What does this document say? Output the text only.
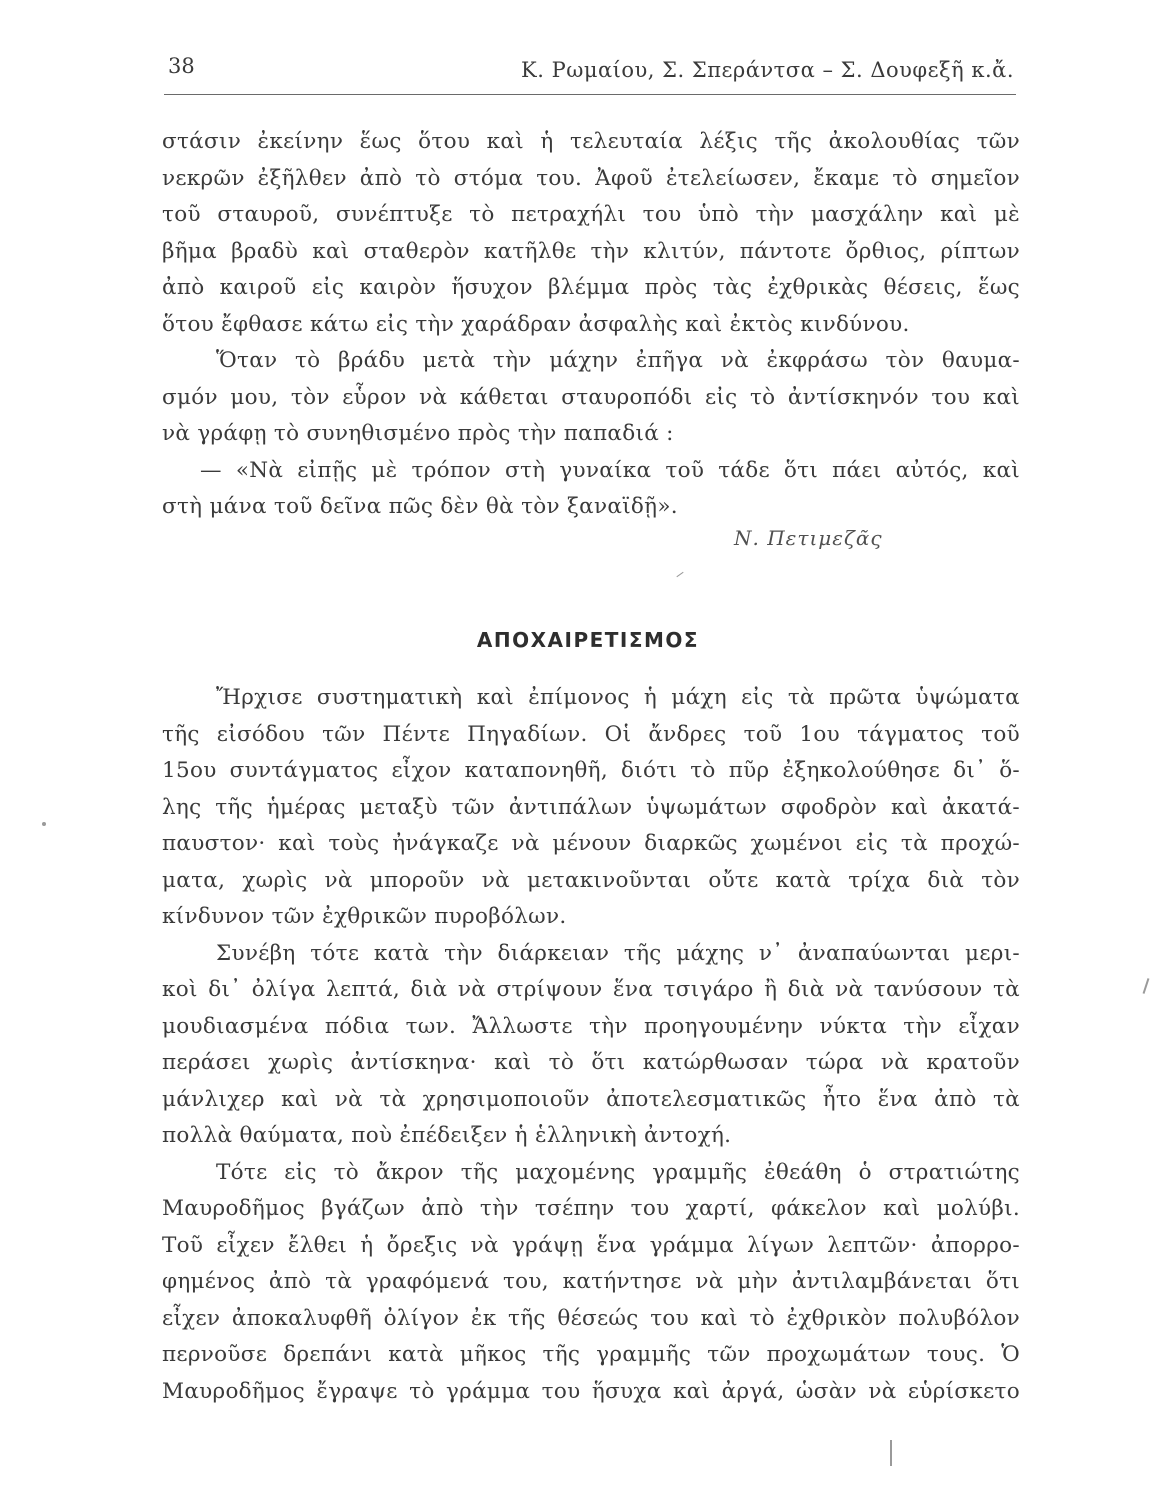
38	Κ. Ρωμαίου, Σ. Σπεράντσα – Σ. Δουφεξῆ κ.ἄ.
στάσιν ἐκείνην ἕως ὅτου καὶ ἡ τελευταία λέξις τῆς ἀκολουθίας τῶν
νεκρῶν ἐξῆλθεν ἀπὸ τὸ στόμα του. Ἀφοῦ ἐτελείωσεν, ἔκαμε τὸ σημεῖον
τοῦ σταυροῦ, συνέπτυξε τὸ πετραχήλι του ὑπὸ τὴν μασχάλην καὶ μὲ
βῆμα βραδὺ καὶ σταθερὸν κατῆλθε τὴν κλιτύν, πάντοτε ὄρθιος, ρίπτων
ἀπὸ καιροῦ εἰς καιρὸν ἥσυχον βλέμμα πρὸς τὰς ἐχθρικὰς θέσεις, ἕως
ὅτου ἔφθασε κάτω εἰς τὴν χαράδραν ἀσφαλὴς καὶ ἐκτὸς κινδύνου.
Ὅταν τὸ βράδυ μετὰ τὴν μάχην ἐπῆγα νὰ ἐκφράσω τὸν θαυμα-
σμόν μου, τὸν εὗρον νὰ κάθεται σταυροπόδι εἰς τὸ ἀντίσκηνόν του καὶ
νὰ γράφῃ τὸ συνηθισμένο πρὸς τὴν παπαδιά :
— «Νὰ εἰπῇς μὲ τρόπον στὴ γυναίκα τοῦ τάδε ὅτι πάει αὐτός, καὶ
στὴ μάνα τοῦ δεῖνα πῶς δὲν θὰ τὸν ξαναϊδῇ».
Ν. Πετιμεζᾶς
ΑΠΟΧΑΙΡΕΤΙΣΜΟΣ
Ἤρχισε συστηματικὴ καὶ ἐπίμονος ἡ μάχη εἰς τὰ πρῶτα ὑψώματα
τῆς εἰσόδου τῶν Πέντε Πηγαδίων. Οἱ ἄνδρες τοῦ 1ου τάγματος τοῦ
15ου συντάγματος εἶχον καταπονηθῆ, διότι τὸ πῦρ ἐξηκολούθησε δι᾽ ὅ-
λης τῆς ἡμέρας μεταξὺ τῶν ἀντιπάλων ὑψωμάτων σφοδρὸν καὶ ἀκατά-
παυστον· καὶ τοὺς ἠνάγκαζε νὰ μένουν διαρκῶς χωμένοι εἰς τὰ προχώ-
ματα, χωρὶς νὰ μποροῦν νὰ μετακινοῦνται οὔτε κατὰ τρίχα διὰ τὸν
κίνδυνον τῶν ἐχθρικῶν πυροβόλων.
Συνέβη τότε κατὰ τὴν διάρκειαν τῆς μάχης ν᾽ ἀναπαύωνται μερι-
κοὶ δι᾽ ὀλίγα λεπτά, διὰ νὰ στρίψουν ἕνα τσιγάρο ἢ διὰ νὰ τανύσουν τὰ
μουδιασμένα πόδια των. Ἄλλωστε τὴν προηγουμένην νύκτα τὴν εἶχαν
περάσει χωρὶς ἀντίσκηνα· καὶ τὸ ὅτι κατώρθωσαν τώρα νὰ κρατοῦν
μάνλιχερ καὶ νὰ τὰ χρησιμοποιοῦν ἀποτελεσματικῶς ἦτο ἕνα ἀπὸ τὰ
πολλὰ θαύματα, ποὺ ἐπέδειξεν ἡ ἑλληνικὴ ἀντοχή.
Τότε εἰς τὸ ἄκρον τῆς μαχομένης γραμμῆς ἐθεάθη ὁ στρατιώτης
Μαυροδῆμος βγάζων ἀπὸ τὴν τσέπην του χαρτί, φάκελον καὶ μολύβι.
Τοῦ εἶχεν ἔλθει ἡ ὄρεξις νὰ γράψῃ ἕνα γράμμα λίγων λεπτῶν· ἀπορρο-
φημένος ἀπὸ τὰ γραφόμενά του, κατήντησε νὰ μὴν ἀντιλαμβάνεται ὅτι
εἶχεν ἀποκαλυφθῆ ὀλίγον ἐκ τῆς θέσεώς του καὶ τὸ ἐχθρικὸν πολυβόλον
περνοῦσε δρεπάνι κατὰ μῆκος τῆς γραμμῆς τῶν προχωμάτων τους. Ὁ
Μαυροδῆμος ἔγραψε τὸ γράμμα του ἥσυχα καὶ ἀργά, ὡσὰν νὰ εὑρίσκετο
